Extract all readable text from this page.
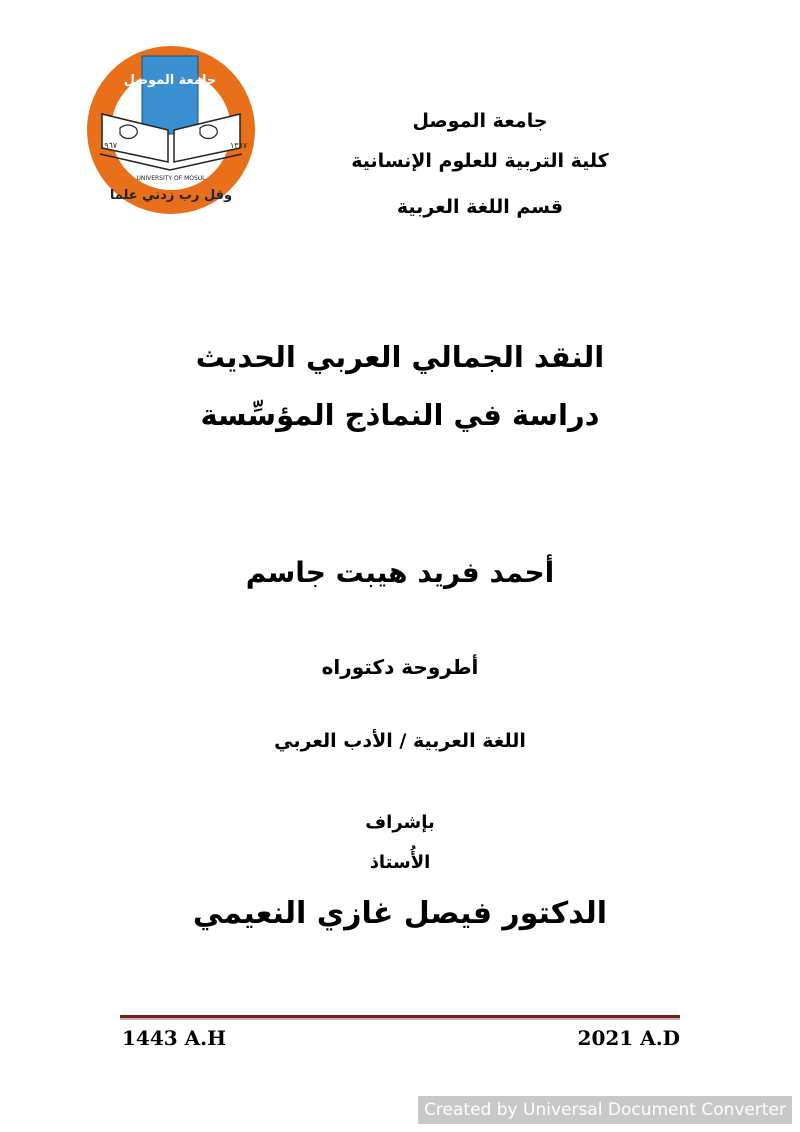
جامعة الموصل
UNIVERSITY OF MOSUL
وقل رب زدني علما
١٩٦٧	١٣٨٧
جامعة الموصل
كلية التربية للعلوم الإنسانية
قسم اللغة العربية
النقد الجمالي العربي الحديث
دراسة في النماذج المؤسِّسة
أحمد فريد هيبت جاسم
أطروحة دكتوراه
اللغة العربية / الأدب العربي
بإشراف
الأُستاذ
الدكتور فيصل غازي النعيمي
1443 A.H	2021 A.D
Created by Universal Document Converter
